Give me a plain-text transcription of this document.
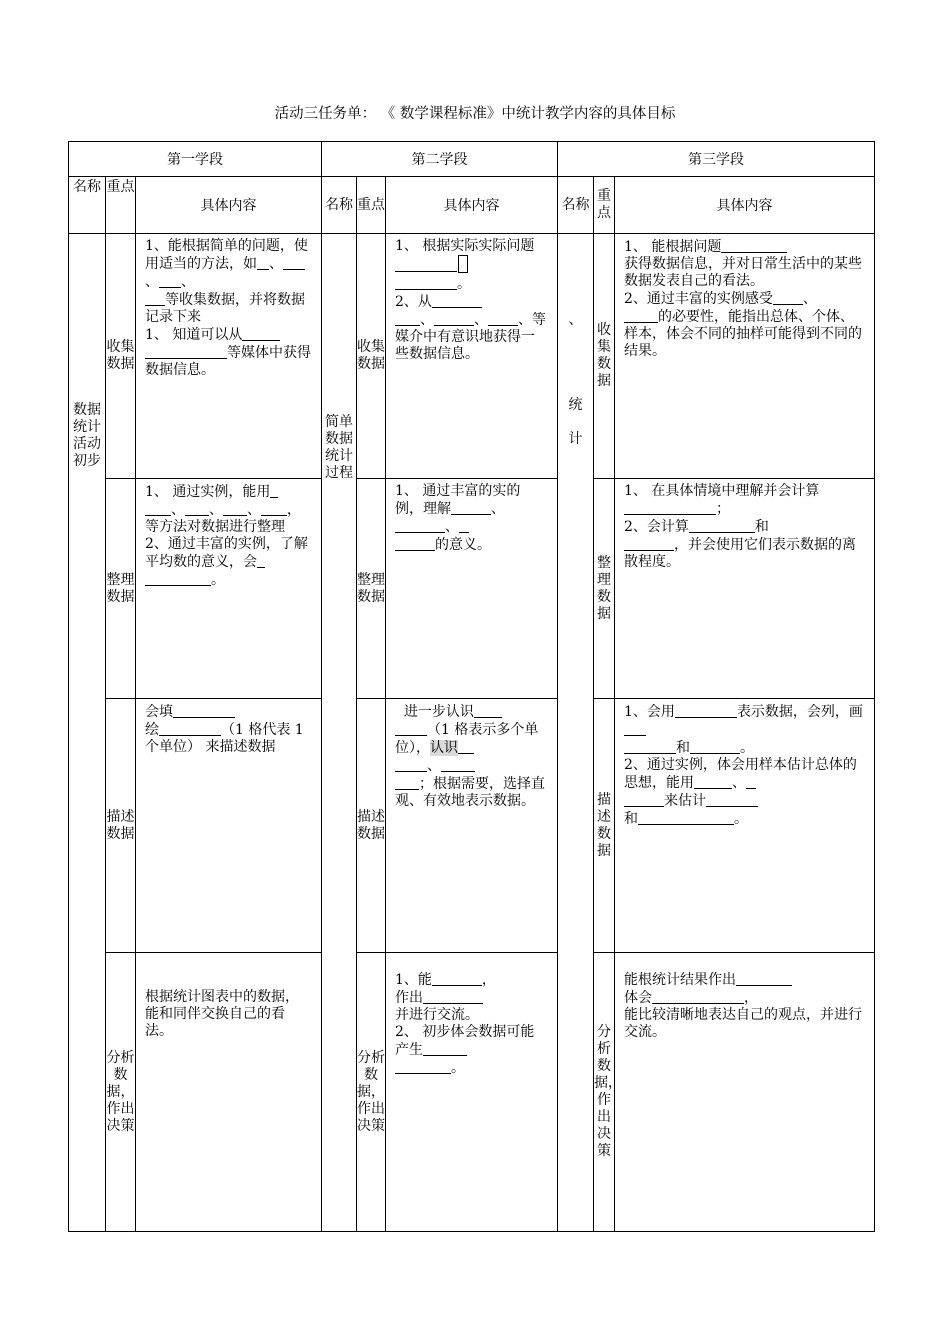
活动三任务单： 《 数学课程标准》中统计教学内容的具体目标
第一学段			第二学段			第三学段		
名称	重点	具体内容	名称	重点	具体内容	名称	重点	具体内容
数据统计活动初步	收集数据	1、能根据简单的问题，使用适当的方法，如 、、 、
等收集数据，并将数据记录下来
1、 知道可以从
等媒体中获得数据信息。	简单数据统计过程	收集数据	1、 根据实际实际问题
。
2、从
、 、 、等媒介中有意识地获得一些数据信息。	、

统

计	收集数据	1、 能根据问题
获得数据信息，并对日常生活中的某些数据发表自己的看法。
2、通过丰富的实例感受 、
的必要性，能指出总体、个体、样本，体会不同的抽样可能得到不同的结果。
	整理数据	1、 通过实例，能用
、 、 、 ，等方法对数据进行整理
2、通过丰富的实例，了解平均数的意义，会
。		整理数据	1、 通过丰富的实的例，理解 、
、
的意义。		整理数据	1、 在具体情境中理解并会计算
；
2、会计算 和
，并会使用它们表示数据的离散程度。
	描述数据	会填
绘 （1 格代表 1 个单位） 来描述数据		描述数据	进一步认识
（1 格表示多个单位），认识
、
；根据需要，选择直观、有效地表示数据。		描述数据	1、会用 表示数据，会列，画
和 。
2、通过实例，体会用样本估计总体的思想，能用 、
来估计
和 。
	分析数据，作出决策	根据统计图表中的数据，能和同伴交换自己的看法。		分析数据，作出决策	1、能 ，
作出
并进行交流。
2、 初步体会数据可能产生
。		分析数据，作出决策	能根统计结果作出
体会 ，
能比较清晰地表达自己的观点，并进行交流。
